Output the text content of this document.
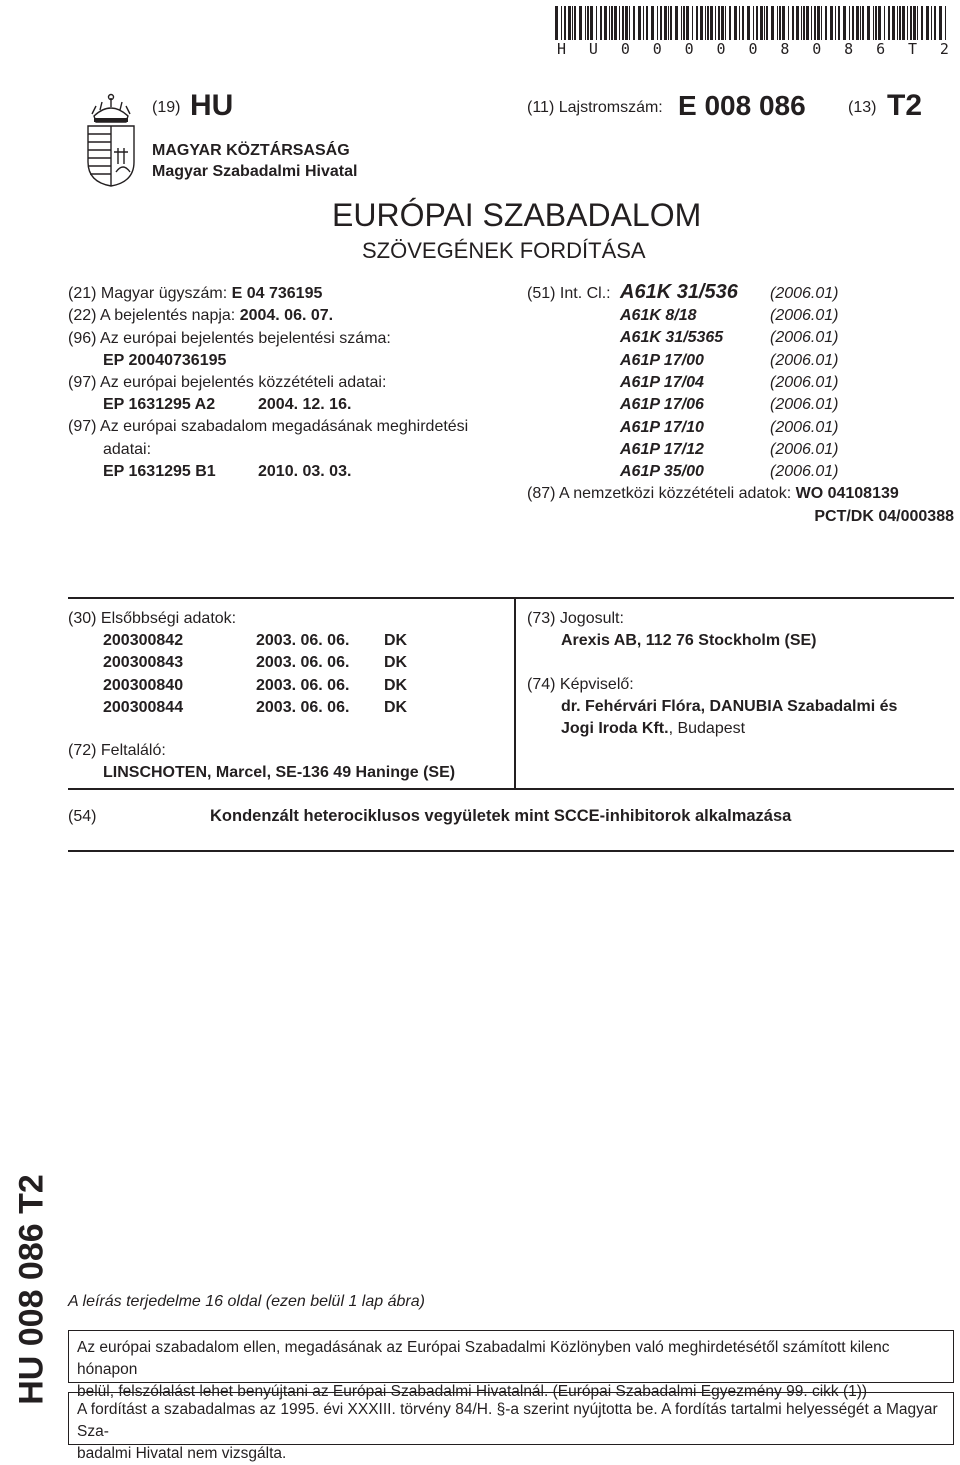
H U 0 0 0 0 0 8 0 8 6 T 2
(19) HU	(11) Lajstromszám: E 008 086	(13) T2
MAGYAR KÖZTÁRSASÁG
Magyar Szabadalmi Hivatal
EURÓPAI SZABADALOM
SZÖVEGÉNEK FORDÍTÁSA
(21) Magyar ügyszám: E 04 736195
(22) A bejelentés napja: 2004. 06. 07.
(96) Az európai bejelentés bejelentési száma:
EP 20040736195
(97) Az európai bejelentés közzétételi adatai:
EP 1631295 A2	2004. 12. 16.
(97) Az európai szabadalom megadásának meghirdetési
adatai:
EP 1631295 B1	2010. 03. 03.
(51) Int. Cl.: A61K 31/536 (2006.01)
A61K 8/18	(2006.01)
A61K 31/5365	(2006.01)
A61P 17/00	(2006.01)
A61P 17/04	(2006.01)
A61P 17/06	(2006.01)
A61P 17/10	(2006.01)
A61P 17/12	(2006.01)
A61P 35/00	(2006.01)
(87) A nemzetközi közzétételi adatok: WO 04108139
PCT/DK 04/000388
(30) Elsőbbségi adatok:
200300842	2003. 06. 06.	DK
200300843	2003. 06. 06.	DK
200300840	2003. 06. 06.	DK
200300844	2003. 06. 06.	DK
(72) Feltaláló:
LINSCHOTEN, Marcel, SE-136 49 Haninge (SE)
(73) Jogosult:
Arexis AB, 112 76 Stockholm (SE)
(74) Képviselő:
dr. Fehérvári Flóra, DANUBIA Szabadalmi és
Jogi Iroda Kft., Budapest
(54)	Kondenzált heterociklusos vegyületek mint SCCE-inhibitorok alkalmazása
HU 008 086 T2 A leírás terjedelme 16 oldal (ezen belül 1 lap ábra)
Az európai szabadalom ellen, megadásának az Európai Szabadalmi Közlönyben való meghirdetésétől számított kilenc hónapon
belül, felszólalást lehet benyújtani az Európai Szabadalmi Hivatalnál. (Európai Szabadalmi Egyezmény 99. cikk (1))
A fordítást a szabadalmas az 1995. évi XXXIII. törvény 84/H. §-a szerint nyújtotta be. A fordítás tartalmi helyességét a Magyar Sza-
badalmi Hivatal nem vizsgálta.
